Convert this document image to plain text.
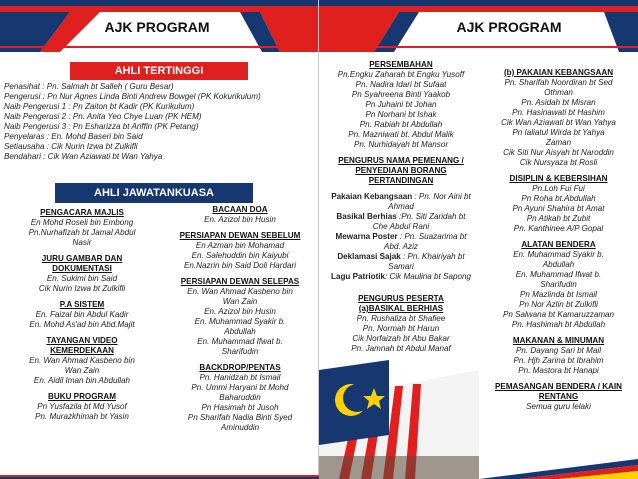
AJK PROGRAM
AHLI TERTINGGI
Penasihat : Pn. Salmah bt Salleh ( Guru Besar)
Pengerusi : Pn Nur Agnes Linda Binti Andrew Bowgel (PK Kokurikulum)
Naib Pengerusi 1 : Pn Zaiton bt Kadir (PK Kurikulum)
Naib Pengerusi 2 : Pn. Anita Yeo Chye Luan (PK HEM)
Naib Pengerusi 3 : Pn Esharizza bt Ariffin (PK Petang)
Penyelaras : En. Mohd Baseri bin Said
Setiausaha : Cik Nurin Izwa bt Zulkifli
Bendahari : Cik Wan Aziawati bt Wan Yahya
AHLI JAWATANKUASA
PENGACARA MAJLIS
En Mohd Roseli bin Embong
Pn.Nurhafizah bt Jamal Abdul
Nasir
JURU GAMBAR DAN DOKUMENTASI
En. Sukimi bin Said
Cik Nurin Izwa bt Zulkifli
P.A SISTEM
En. Faizal bin Abdul Kadir
En. Mohd As'ad bin Abd.Majit
TAYANGAN VIDEO KEMERDEKAAN
En. Wan Ahmad Kasbeno bin
Wan Zain
En. Aidil Iman bin Abdullah
BUKU PROGRAM
Pn Yusfazila bt Md Yusof
Pn. Murazkhimah bt Yasin
BACAAN DOA
En. Azizol bin Husin
PERSIAPAN DEWAN SEBELUM
En Azman bin Mohamad
En. Salehuddin bin Kaiyubi
En.Nazrin bin Said Doli Hardari
PERSIAPAN DEWAN SELEPAS
En. Wan Ahmad Kasbeno bin
Wan Zain
En. Azizol bin Husin
En. Muhammad Syakir b.
Abdullah
En. Muhammad Ifwat b.
Sharifudin
BACKDROP/PENTAS
Pn. Hanidzah bt Ismail
Pn. Ummi Haryani bt Mohd
Baharuddin
Pn Hasimah bt Jusoh
Pn Sharifah Nadia Binti Syed
Aminuddin
AJK PROGRAM
PERSEMBAHAN
Pn.Engku Zaharah bt Engku Yusoff
Pn. Nadira Idari bt Sufaat
Pn Syahreena Binti Yaakob
Pn Juhaini bt Johan
Pn Norhani bt Ishak
Pn. Rabiah bt Abdullah
Pn. Mazniwati bt. Abdul Malik
Pn. Nurhidayah bt Mansor
PENGURUS NAMA PEMENANG / PENYEDIAAN BORANG PERTANDINGAN
Pakaian Kebangsaan : Pn. Nor Aini bt Ahmad
Basikal Berhias :Pn. Siti Zaridah bt Che Abdul Rani
Mewarna Poster : Pn. Suazarima bt Abd. Aziz
Deklamasi Sajak : Pn. Khairiyah bt Samari
Lagu Patriotik: Cik Maulina bt Sapong
PENGURUS PESERTA
(a)BASIKAL BERHIAS
Pn. Rushaliza bt Shafiee
Pn. Normah bt Harun
Cik Norfaizah bt Abu Bakar
Pn. Jamnah bt Abdul Manaf
(b) PAKAIAN KEBANGSAAN
Pn. Sharifah Noordiran bt Sed
Othman
Pn. Asidah bt Misran
Pn. Hasinawati bt Hashim
Cik Wan Aziawati bt Wan Yahya
Pn Ialiatul Wirda bt Yahya
Zaman
Cik Siti Nur Aisyah bt Naroddin
Cik Nursyaza bt Rosli
DISIPLIN & KEBERSIHAN
Pn.Loh Fui Fui
Pn Roha bt.Abdullah
Pn Ayuni Shahira bt Amat
Pn Atikah bt Zubit
Pn. Kanthinee A/P Gopal
ALATAN BENDERA
En. Muhammad Syakir b.
Abdullah
En. Muhammad Ifwat b.
Sharifudin
Pn Mazlinda bt Ismail
Pn Nor Azlin bt Zulkifli
Pn Salwana bt Kamaruzzaman
Pn. Hashimah bt Abdullah
MAKANAN & MINUMAN
Pn. Dayang Sari bt Mail
Pn. Hjh Zarina bt Ibrahim
Pn. Mastora bt Hanapi
PEMASANGAN BENDERA / KAIN RENTANG
Semua guru lelaki
